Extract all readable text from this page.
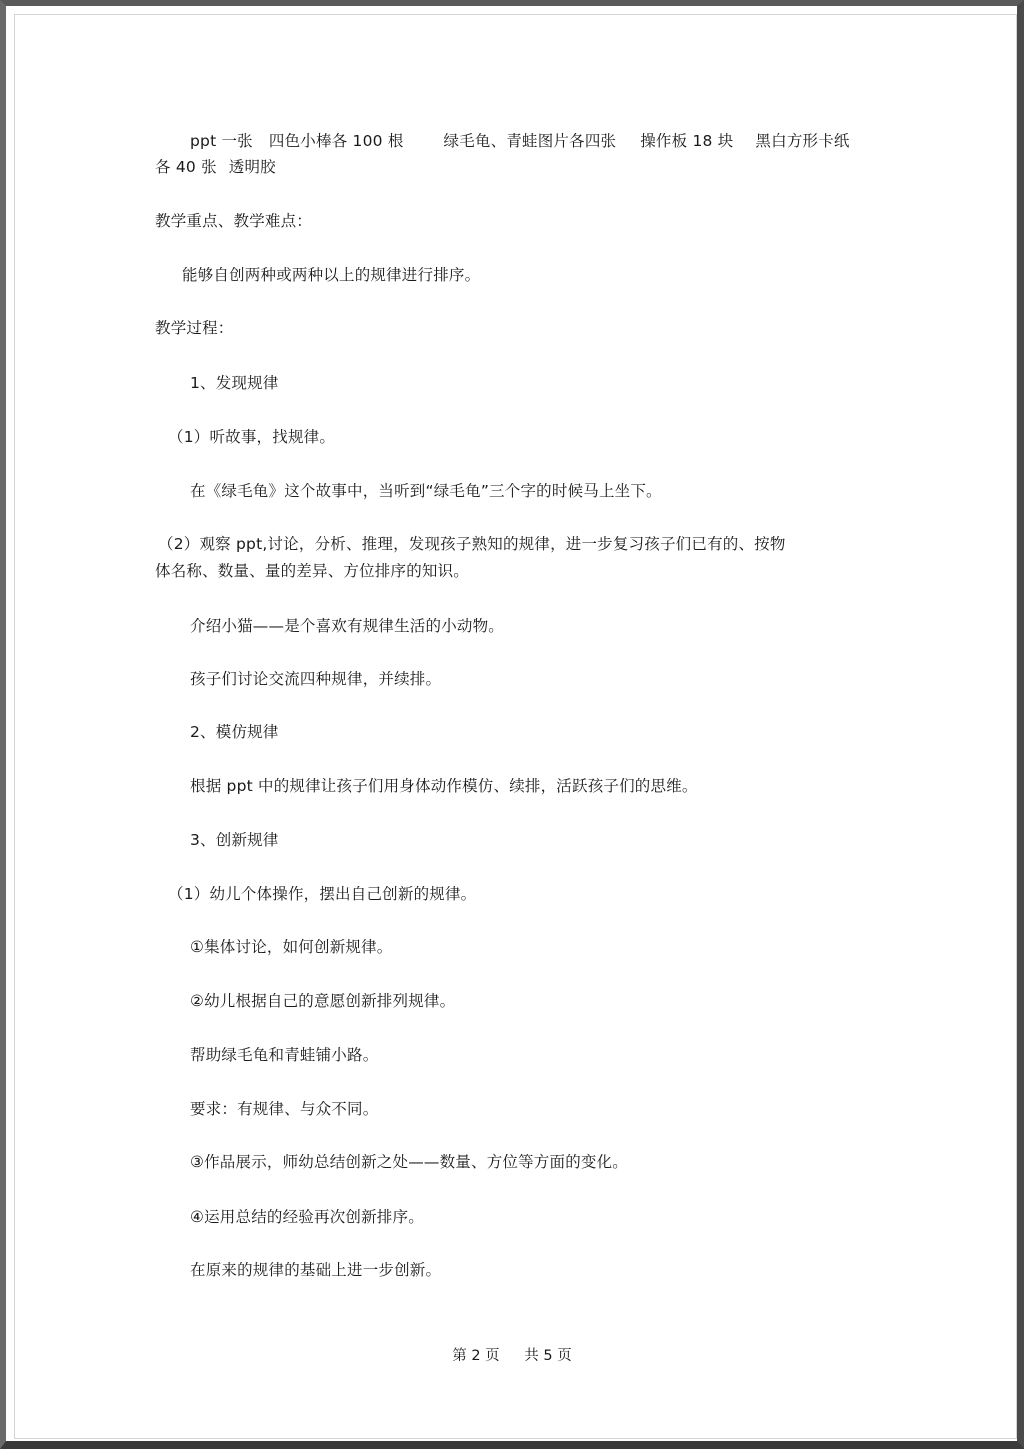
ppt 一张 四色小棒各 100 根	绿毛龟、青蛙图片各四张 操作板 18 块 黑白方形卡纸
各 40 张 透明胶
教学重点、教学难点：
能够自创两种或两种以上的规律进行排序。
教学过程：
1、发现规律
（1）听故事，找规律。
在《绿毛龟》这个故事中，当听到“绿毛龟”三个字的时候马上坐下。
（2）观察 ppt,讨论，分析、推理，发现孩子熟知的规律，进一步复习孩子们已有的、按物
体名称、数量、量的差异、方位排序的知识。
介绍小猫——是个喜欢有规律生活的小动物。
孩子们讨论交流四种规律，并续排。
2、模仿规律
根据 ppt 中的规律让孩子们用身体动作模仿、续排，活跃孩子们的思维。
3、创新规律
（1）幼儿个体操作，摆出自己创新的规律。
①集体讨论，如何创新规律。
②幼儿根据自己的意愿创新排列规律。
帮助绿毛龟和青蛙铺小路。
要求：有规律、与众不同。
③作品展示，师幼总结创新之处——数量、方位等方面的变化。
④运用总结的经验再次创新排序。
在原来的规律的基础上进一步创新。
第 2 页 共 5 页
